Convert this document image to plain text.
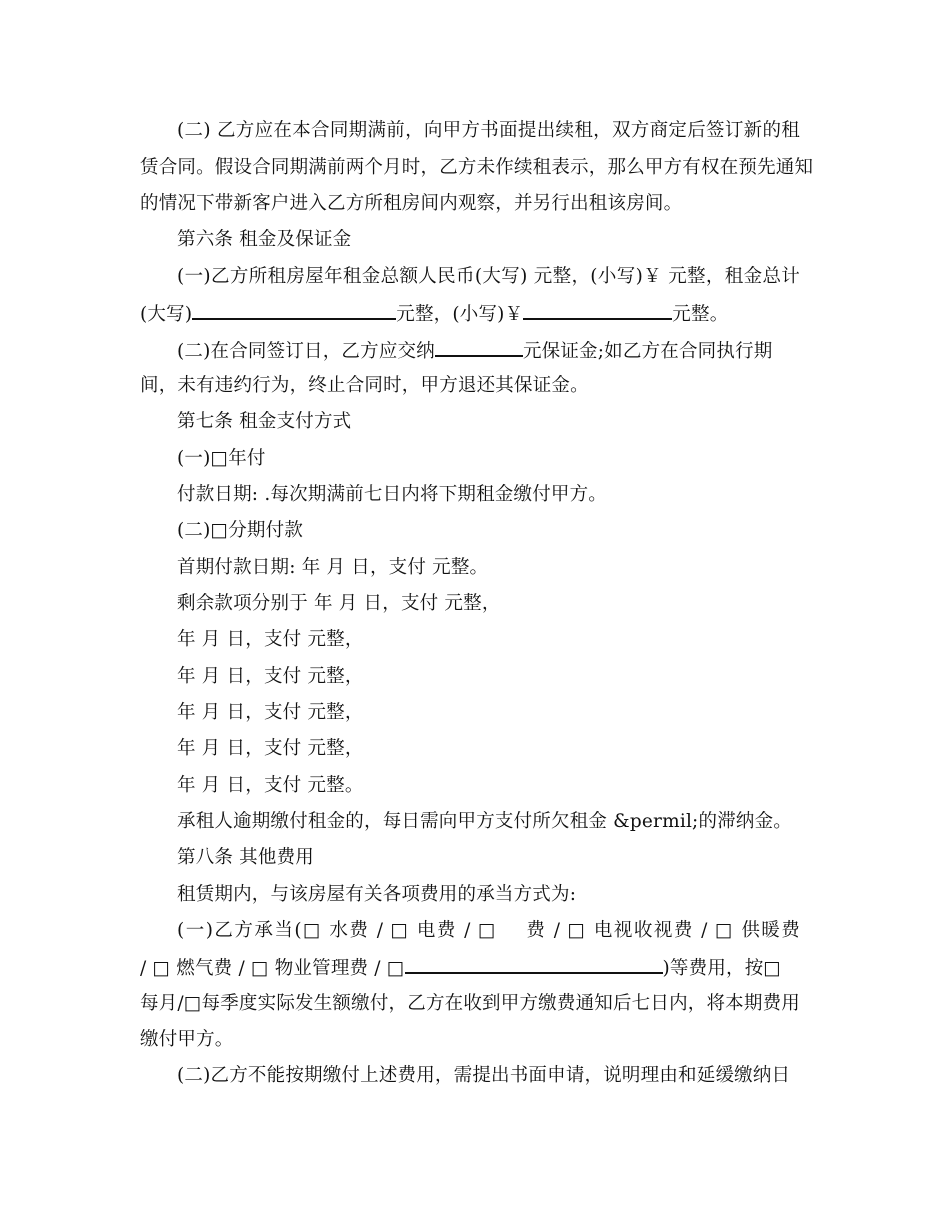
(二) 乙方应在本合同期满前，向甲方书面提出续租，双方商定后签订新的租
赁合同。假设合同期满前两个月时，乙方未作续租表示，那么甲方有权在预先通知
的情况下带新客户进入乙方所租房间内观察，并另行出租该房间。
第六条 租金及保证金
(一)乙方所租房屋年租金总额人民币(大写) 元整，(小写)￥ 元整，租金总计
(大写)	元整，(小写)￥	元整。
(二)在合同签订日，乙方应交纳	元保证金;如乙方在合同执行期
间，未有违约行为，终止合同时，甲方退还其保证金。
第七条 租金支付方式
(一)□年付
付款日期: .每次期满前七日内将下期租金缴付甲方。
(二)□分期付款
首期付款日期: 年 月 日，支付 元整。
剩余款项分别于 年 月 日，支付 元整，
年 月 日，支付 元整，
年 月 日，支付 元整，
年 月 日，支付 元整，
年 月 日，支付 元整，
年 月 日，支付 元整。
承租人逾期缴付租金的，每日需向甲方支付所欠租金 &permil;的滞纳金。
第八条 其他费用
租赁期内，与该房屋有关各项费用的承当方式为:
(一)乙方承当(□ 水费 / □ 电费 / □    费 / □ 电视收视费 / □ 供暖费
/ □ 燃气费 / □ 物业管理费 / □	)等费用，按□
每月/□每季度实际发生额缴付，乙方在收到甲方缴费通知后七日内，将本期费用
缴付甲方。
(二)乙方不能按期缴付上述费用，需提出书面申请，说明理由和延缓缴纳日
